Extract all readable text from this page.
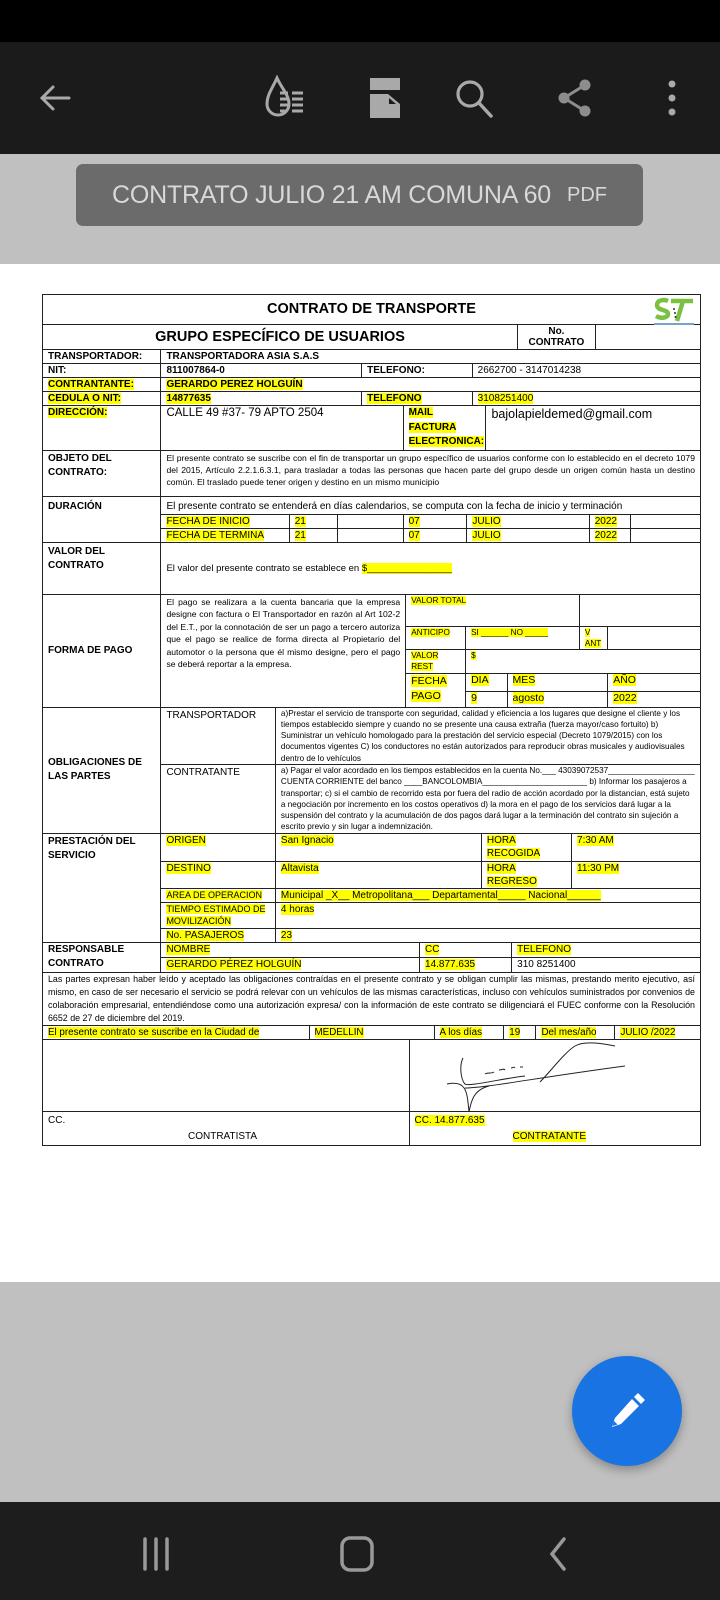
CONTRATO JULIO 21 AM COMUNA 60 PDF
CONTRATO DE TRANSPORTE
GRUPO ESPECÍFICO DE USUARIOS	No. CONTRATO	
TRANSPORTADOR:	TRANSPORTADORA ASIA S.A.S		
NIT:	811007864-0	TELEFONO:	2662700 - 3147014238
CONTRANTANTE:	GERARDO PEREZ HOLGUÍN		
CEDULA O NIT:	14877635	TELEFONO	3108251400
DIRECCIÓN:	CALLE 49 #37- 79 APTO 2504	MAIL FACTURA ELECTRONICA:	bajolapieldemed@gmail.com
OBJETO DEL CONTRATO:	El presente contrato se suscribe con el fin de transportar un grupo específico de usuarios conforme con lo establecido en el decreto 1079 del 2015, Artículo 2.2.1.6.3.1, para trasladar a todas las personas que hacen parte del grupo desde un origen común hasta un destino común. El traslado puede tener origen y destino en un mismo municipio
DURACIÓN	El presente contrato se entenderá en días calendarios, se computa con la fecha de inicio y terminación						
	FECHA DE INICIO	21		07	JULIO	2022	
	FECHA DE TERMINA	21		07	JULIO	2022	
VALOR DEL CONTRATO	El valor del presente contrato se establece en $________________
FORMA DE PAGO	El pago se realizara a la cuenta bancaria que la empresa designe con factura o El Transportador en razón al Art 102-2 del E.T., por la connotación de ser un pago a tercero autoriza que el pago se realice de forma directa al Propietario del automotor o la persona que él mismo designe, pero el pago se deberá reportar a la empresa.	VALOR TOTAL				
		ANTICIPO	SI ______ NO _____		V ANT	
		VALOR REST	$			
		FECHA PAGO	DIA	MES		AÑO
			9	agosto		2022
OBLIGACIONES DE LAS PARTES	TRANSPORTADOR	a)Prestar el servicio de transporte con seguridad, calidad y eficiencia a los lugares que designe el cliente y los tiempos establecido siempre y cuando no se presente una causa extraña (fuerza mayor/caso fortuito) b) Suministrar un vehículo homologado para la prestación del servicio especial (Decreto 1079/2015) con los documentos vigentes C) los conductores no están autorizados para reproducir obras musicales y audiovisuales dentro de lo vehículos
	CONTRATANTE	a) Pagar el valor acordado en los tiempos establecidos en la cuenta No.___ 43039072537___________________ CUENTA CORRIENTE del banco ____BANCOLOMBIA_______________________ b) Informar los pasajeros a transportar; c) si el cambio de recorrido esta por fuera del radio de acción acordado por la distancian, está sujeto a negociación por incremento en los costos operativos d) la mora en el pago de los servicios dará lugar a la suspensión del contrato y la acumulación de dos pagos dará lugar a la terminación del contrato sin sujeción a escrito previo y sin lugar a indemnización.
PRESTACIÓN DEL SERVICIO	ORIGEN	San Ignacio	HORA RECOGIDA	7:30 AM
	DESTINO	Altavista	HORA REGRESO	11:30 PM
	AREA DE OPERACION	Municipal _X__ Metropolitana___ Departamental_____ Nacional______		
	TIEMPO ESTIMADO DE MOVILIZACIÓN	4 horas		
	No. PASAJEROS	23		
RESPONSABLE CONTRATO	NOMBRE	CC	TELEFONO
	GERARDO PÉREZ HOLGUÍN	14.877.635	310 8251400
Las partes expresan haber leído y aceptado las obligaciones contraídas en el presente contrato y se obligan cumplir las mismas, prestando merito ejecutivo, así mismo, en caso de ser necesario el servicio se podrá relevar con un vehículos de las mismas características, incluso con vehículos suministrados por convenios de colaboración empresarial, entendiéndose como una autorización expresa/ con la información de este contrato se diligenciará el FUEC conforme con la Resolución 6652 de 27 de diciembre del 2019.
El presente contrato se suscribe en la Ciudad de	MEDELLIN	A los días	19	Del mes/año	JULIO /2022

CC.
CONTRATISTA

CC. 14.877.635
CONTRATANTE
